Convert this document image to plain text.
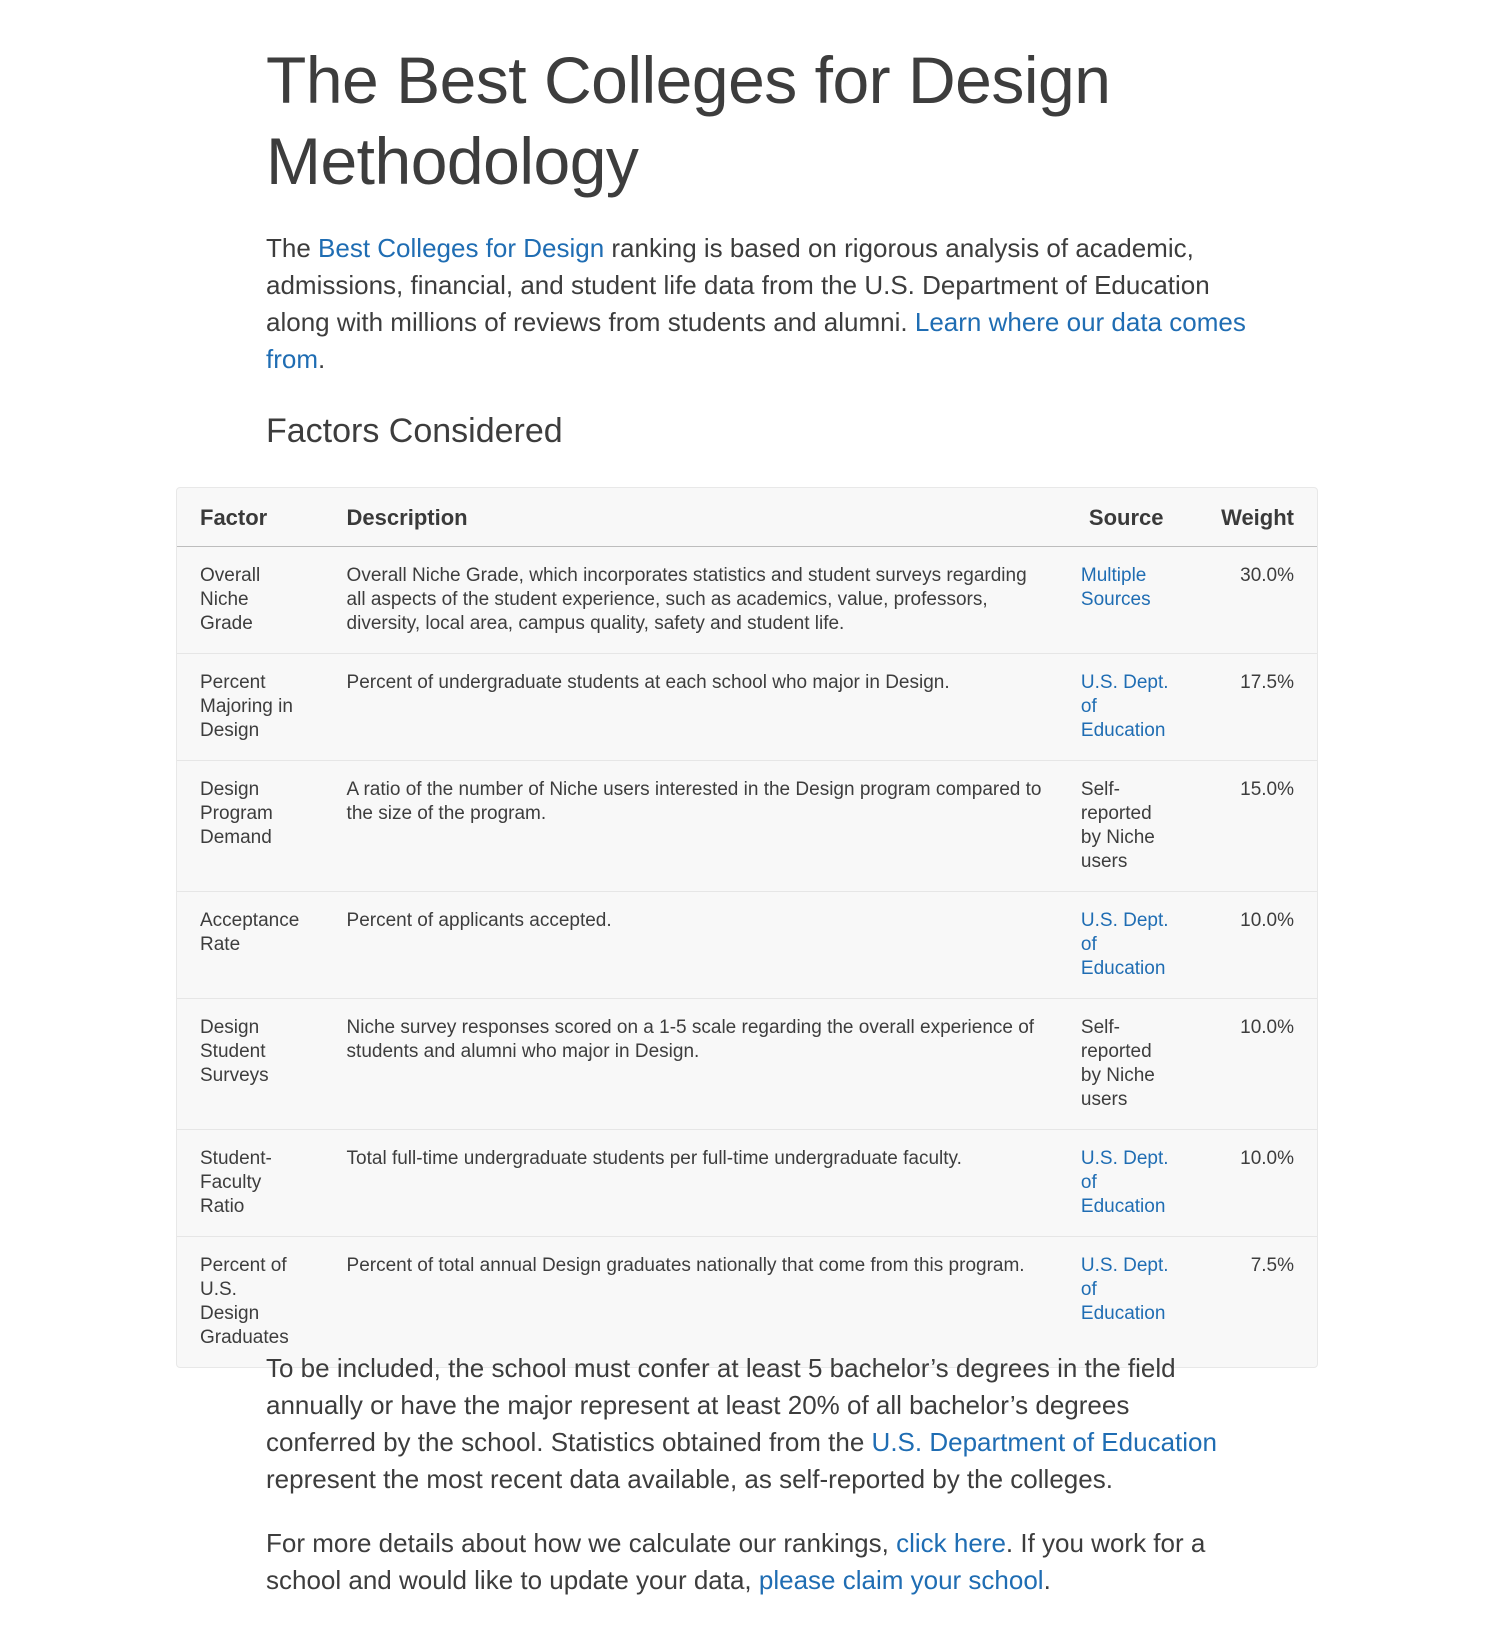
The Best Colleges for Design Methodology

The Best Colleges for Design ranking is based on rigorous analysis of academic, admissions, financial, and student life data from the U.S. Department of Education along with millions of reviews from students and alumni. Learn where our data comes from.

Factors Considered
Factor	Description	Source	Weight
Overall Niche Grade	Overall Niche Grade, which incorporates statistics and student surveys regarding all aspects of the student experience, such as academics, value, professors, diversity, local area, campus quality, safety and student life.	Multiple Sources	30.0%
Percent Majoring in Design	Percent of undergraduate students at each school who major in Design.	U.S. Dept. of Education	17.5%
Design Program Demand	A ratio of the number of Niche users interested in the Design program compared to the size of the program.	Self-reported by Niche users	15.0%
Acceptance Rate	Percent of applicants accepted.	U.S. Dept. of Education	10.0%
Design Student Surveys	Niche survey responses scored on a 1-5 scale regarding the overall experience of students and alumni who major in Design.	Self-reported by Niche users	10.0%
Student-Faculty Ratio	Total full-time undergraduate students per full-time undergraduate faculty.	U.S. Dept. of Education	10.0%
Percent of U.S. Design Graduates	Percent of total annual Design graduates nationally that come from this program.	U.S. Dept. of Education	7.5%

To be included, the school must confer at least 5 bachelor’s degrees in the field annually or have the major represent at least 20% of all bachelor’s degrees conferred by the school. Statistics obtained from the U.S. Department of Education represent the most recent data available, as self-reported by the colleges.

For more details about how we calculate our rankings, click here. If you work for a school and would like to update your data, please claim your school.
